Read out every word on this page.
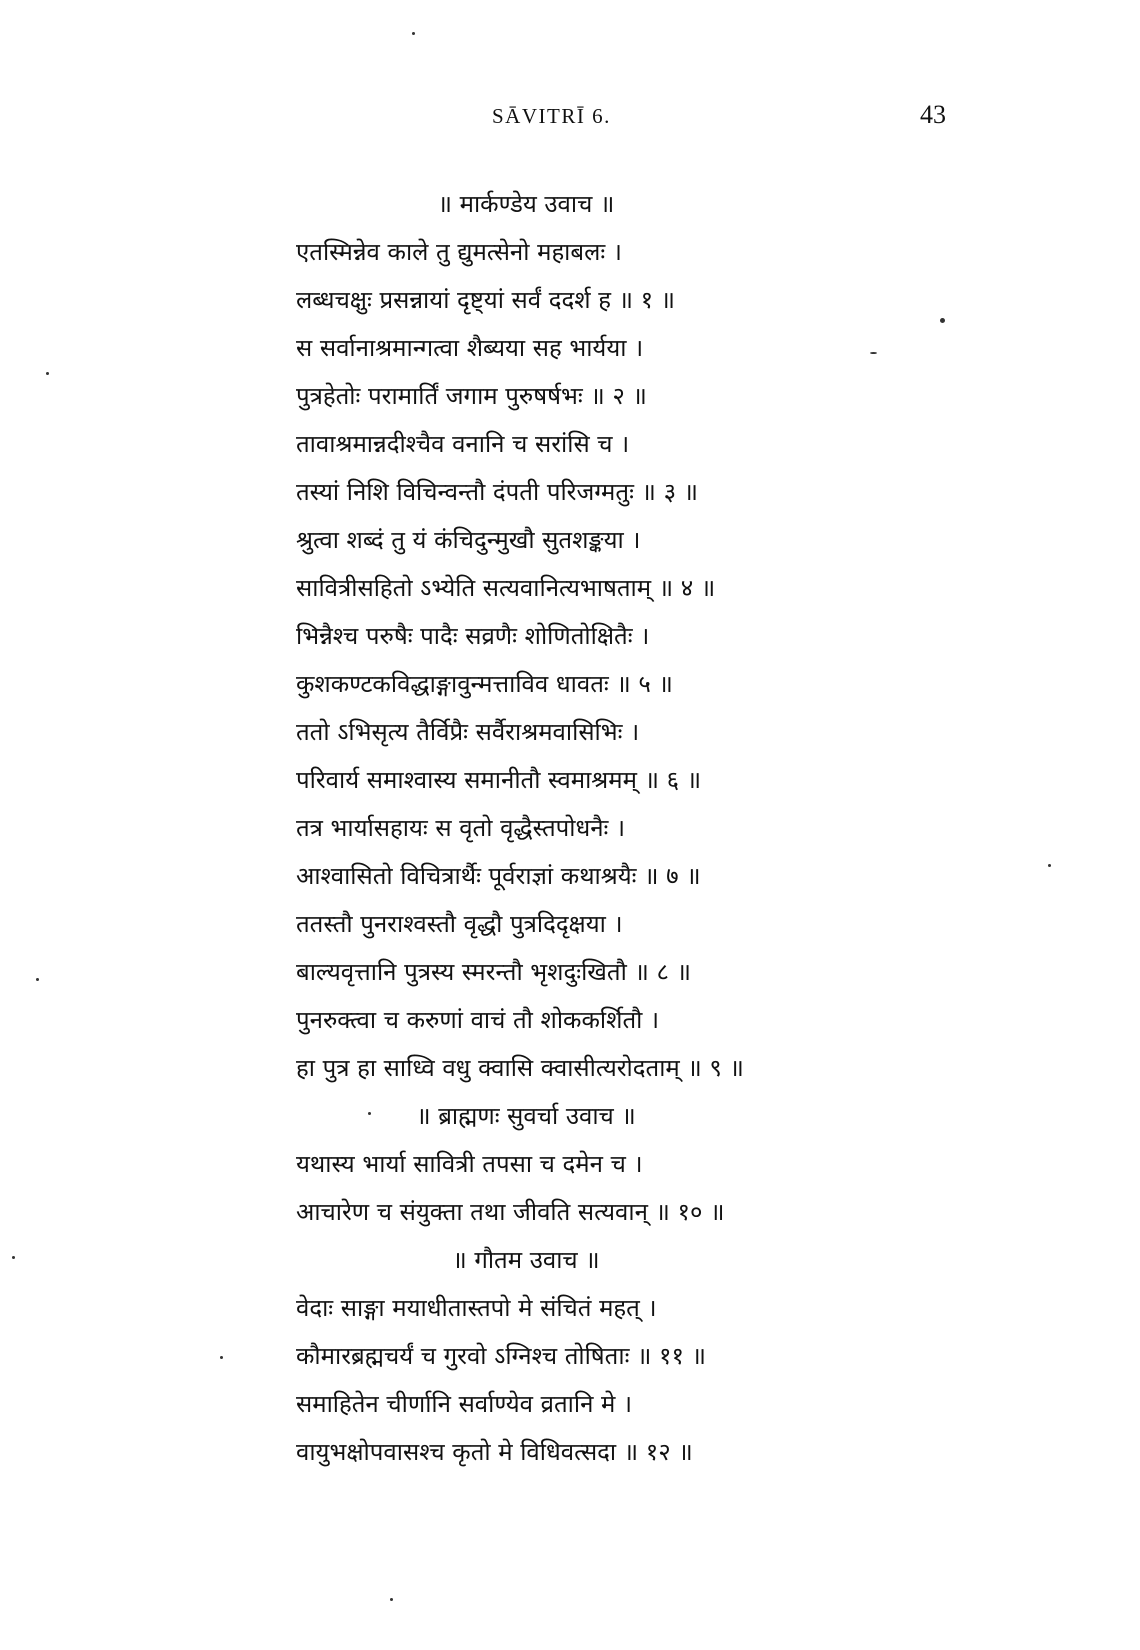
SĀVITRĪ 6.	43
॥ मार्कण्डेय उवाच ॥
एतस्मिन्नेव काले तु द्युमत्सेनो महाबलः ।
लब्धचक्षुः प्रसन्नायां दृष्ट्यां सर्वं ददर्श ह ॥ १ ॥
स सर्वानाश्रमान्गत्वा शैब्यया सह भार्यया ।
पुत्रहेतोः परामार्तिं जगाम पुरुषर्षभः ॥ २ ॥
तावाश्रमान्नदीश्चैव वनानि च सरांसि च ।
तस्यां निशि विचिन्वन्तौ दंपती परिजग्मतुः ॥ ३ ॥
श्रुत्वा शब्दं तु यं कंचिदुन्मुखौ सुतशङ्कया ।
सावित्रीसहितो ऽभ्येति सत्यवानित्यभाषताम् ॥ ४ ॥
भिन्नैश्च परुषैः पादैः सव्रणैः शोणितोक्षितैः ।
कुशकण्टकविद्धाङ्गावुन्मत्ताविव धावतः ॥ ५ ॥
ततो ऽभिसृत्य तैर्विप्रैः सर्वैराश्रमवासिभिः ।
परिवार्य समाश्वास्य समानीतौ स्वमाश्रमम् ॥ ६ ॥
तत्र भार्यासहायः स वृतो वृद्धैस्तपोधनैः ।
आश्वासितो विचित्रार्थैः पूर्वराज्ञां कथाश्रयैः ॥ ७ ॥
ततस्तौ पुनराश्वस्तौ वृद्धौ पुत्रदिदृक्षया ।
बाल्यवृत्तानि पुत्रस्य स्मरन्तौ भृशदुःखितौ ॥ ८ ॥
पुनरुक्त्वा च करुणां वाचं तौ शोककर्शितौ ।
हा पुत्र हा साध्वि वधु क्वासि क्वासीत्यरोदताम् ॥ ९ ॥
॥ ब्राह्मणः सुवर्चा उवाच ॥
यथास्य भार्या सावित्री तपसा च दमेन च ।
आचारेण च संयुक्ता तथा जीवति सत्यवान् ॥ १० ॥
॥ गौतम उवाच ॥
वेदाः साङ्गा मयाधीतास्तपो मे संचितं महत् ।
कौमारब्रह्मचर्यं च गुरवो ऽग्निश्च तोषिताः ॥ ११ ॥
समाहितेन चीर्णानि सर्वाण्येव व्रतानि मे ।
वायुभक्षोपवासश्च कृतो मे विधिवत्सदा ॥ १२ ॥
